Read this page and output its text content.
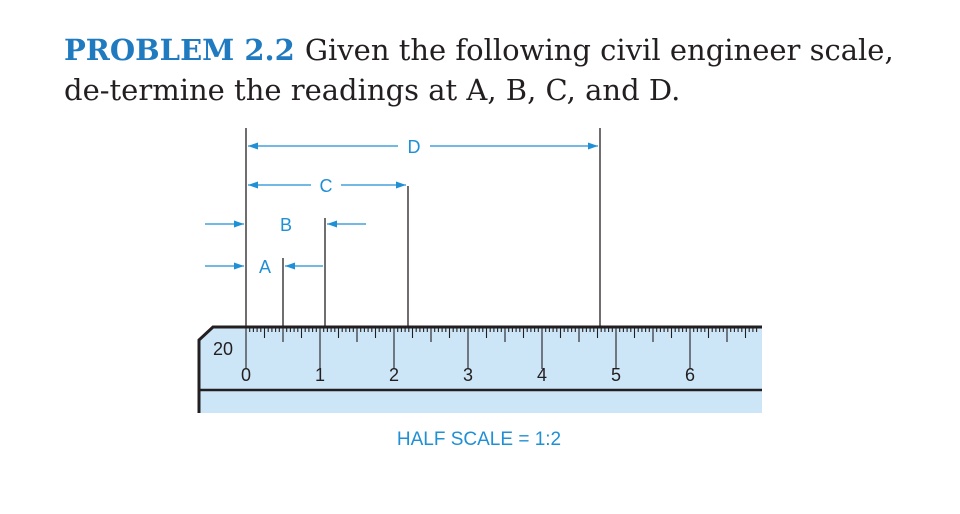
PROBLEM 2.2 Given the following civil engineer scale, de-termine the readings at A, B, C, and D.
D
C
B
A
0	1	2	3	4	5	6
20
HALF SCALE = 1:2
